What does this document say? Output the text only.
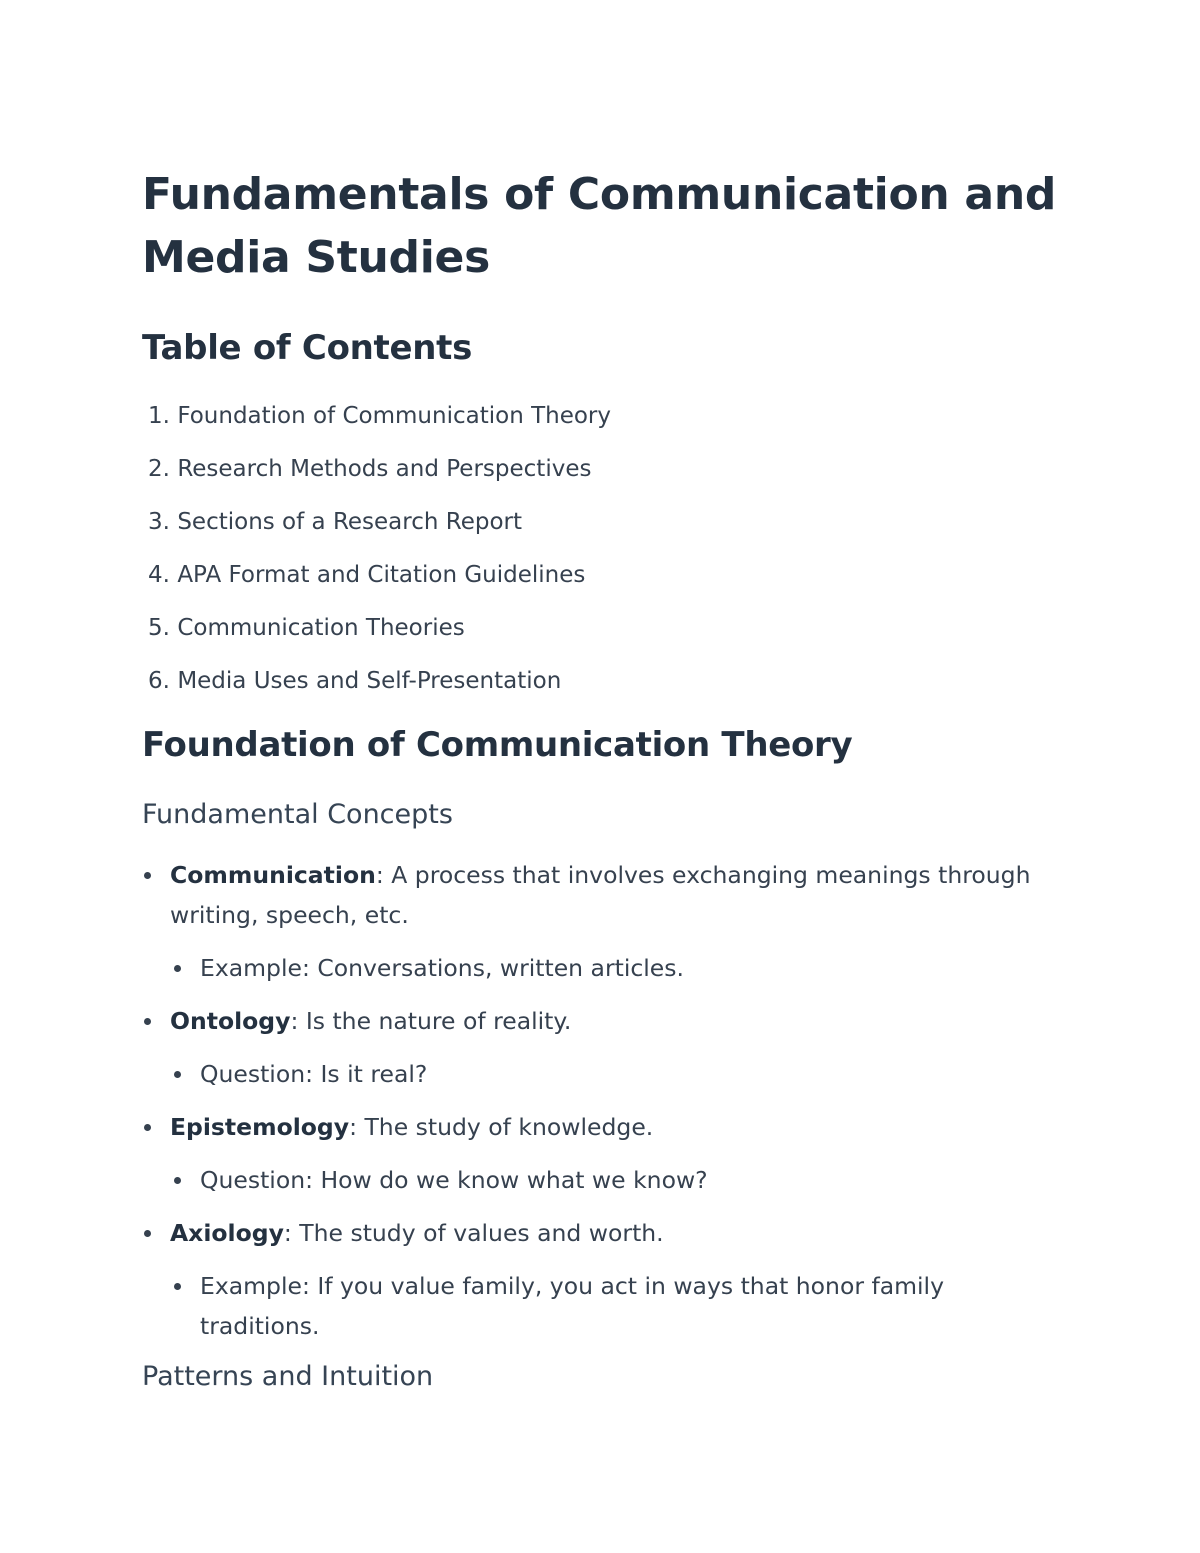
Fundamentals of Communication and Media Studies
Table of Contents
1. Foundation of Communication Theory
2. Research Methods and Perspectives
3. Sections of a Research Report
4. APA Format and Citation Guidelines
5. Communication Theories
6. Media Uses and Self-Presentation
Foundation of Communication Theory
Fundamental Concepts
Communication: A process that involves exchanging meanings through writing, speech, etc.
Example: Conversations, written articles.
Ontology: Is the nature of reality.
Question: Is it real?
Epistemology: The study of knowledge.
Question: How do we know what we know?
Axiology: The study of values and worth.
Example: If you value family, you act in ways that honor family traditions.
Patterns and Intuition
